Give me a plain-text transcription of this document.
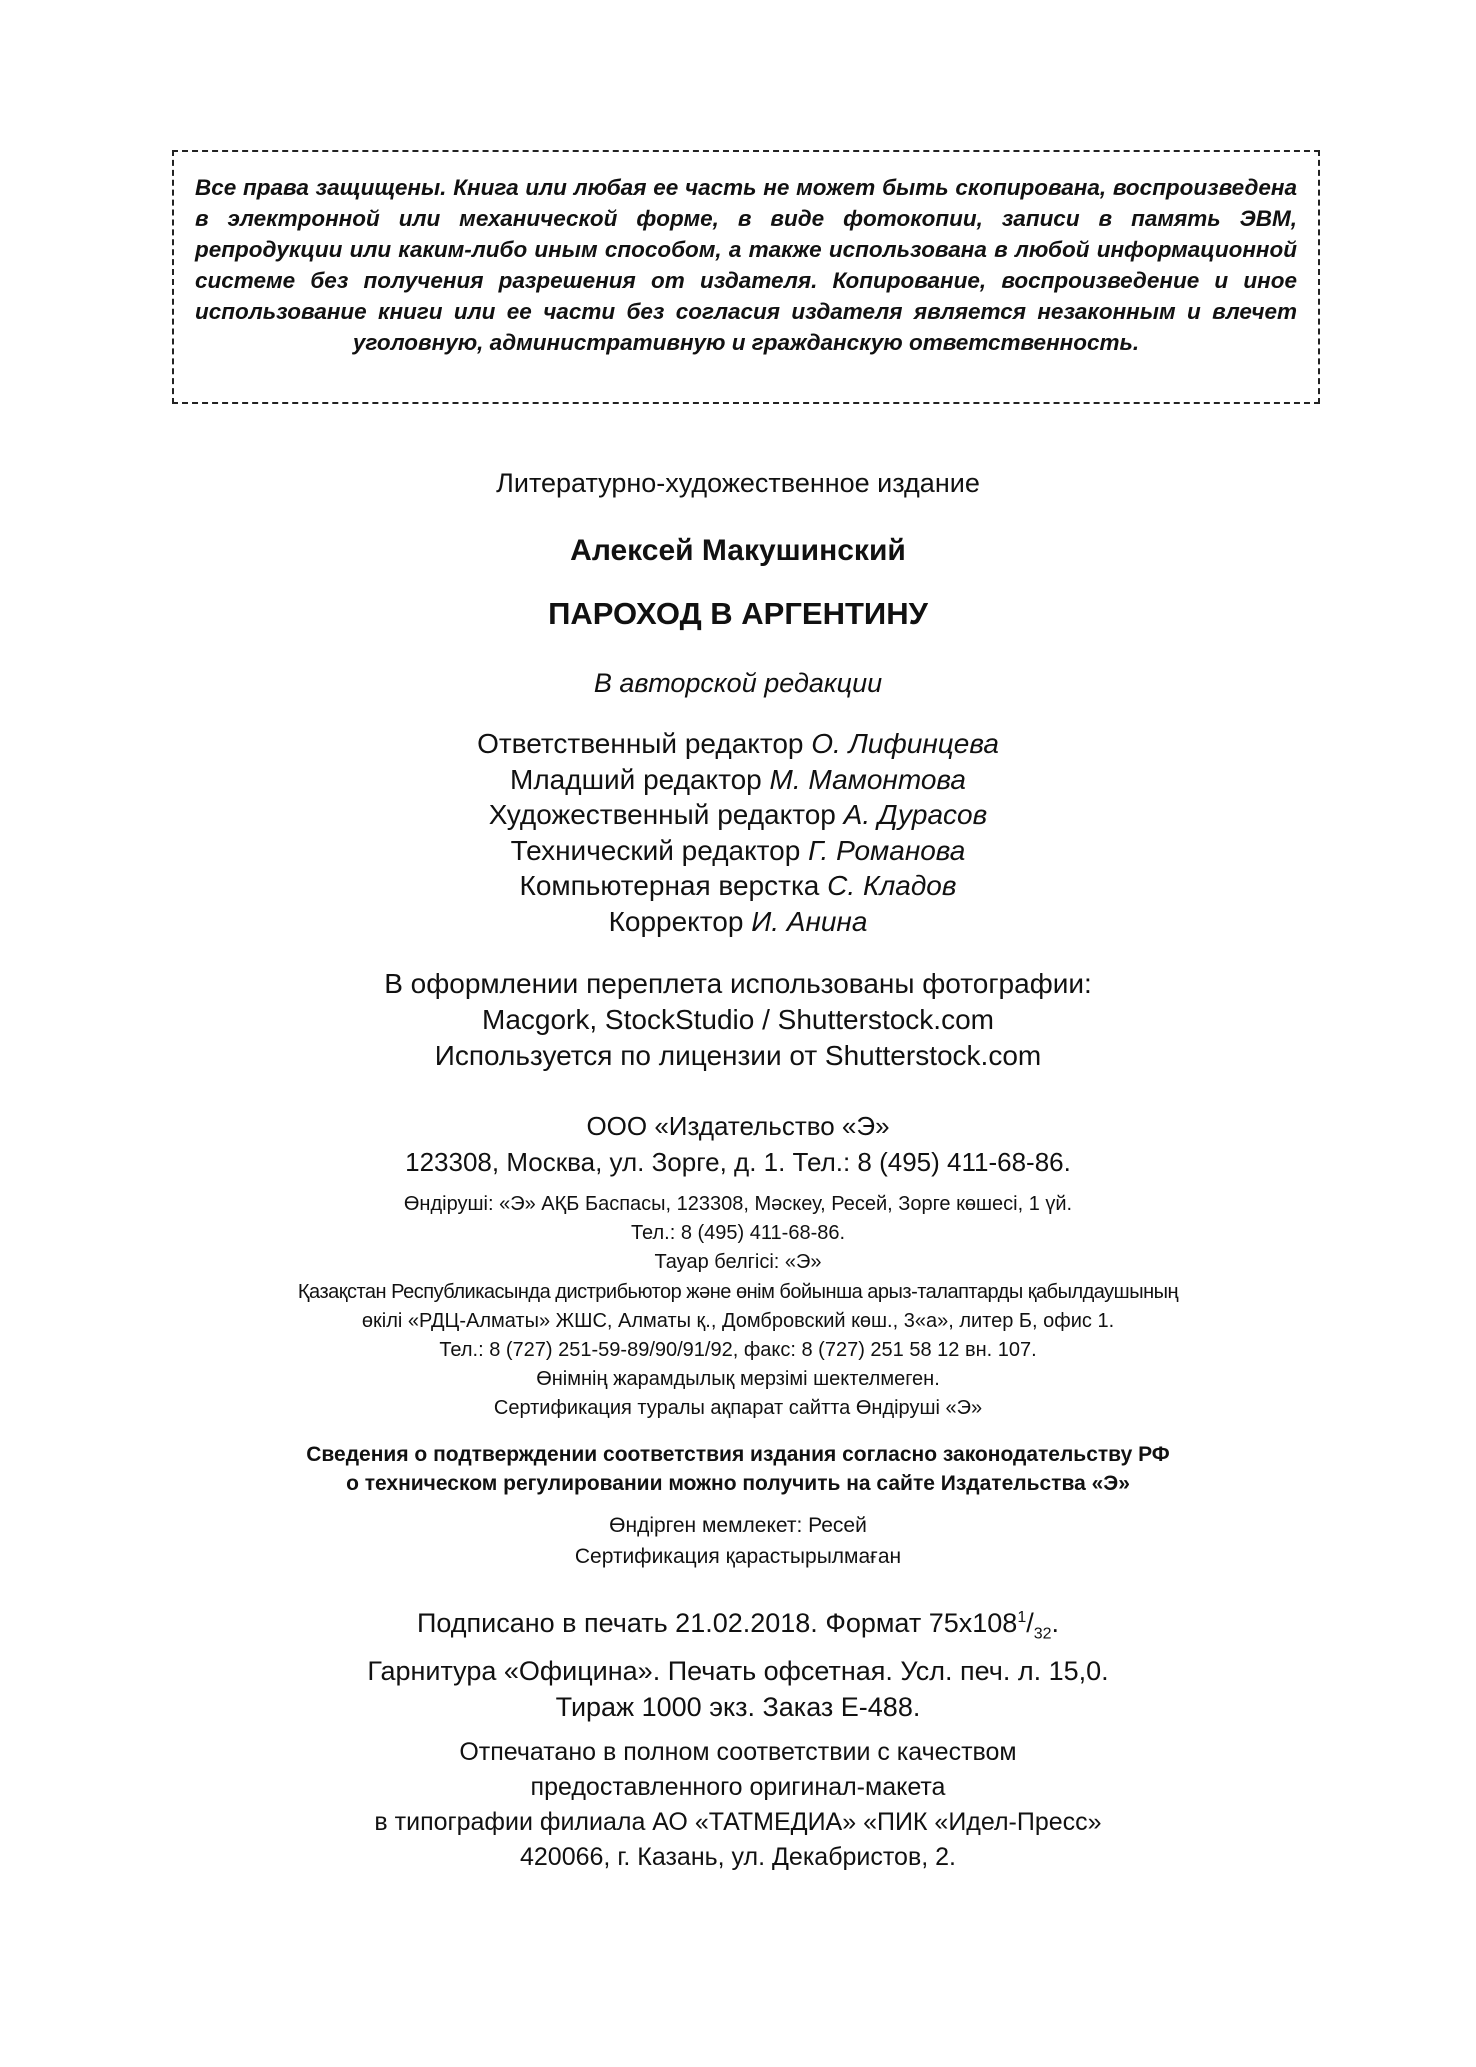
Все права защищены. Книга или любая ее часть не может быть скопирована, воспроизведена в электронной или механической форме, в виде фотокопии, записи в память ЭВМ, репродукции или каким-либо иным способом, а также использована в любой информационной системе без получения разрешения от издателя. Копирование, воспроизведение и иное использование книги или ее части без согласия издателя является незаконным и влечет уголовную, административную и гражданскую ответственность.

Литературно-художественное издание
Алексей Макушинский
ПАРОХОД В АРГЕНТИНУ
В авторской редакции
Ответственный редактор О. Лифинцева
Младший редактор М. Мамонтова
Художественный редактор А. Дурасов
Технический редактор Г. Романова
Компьютерная верстка С. Кладов
Корректор И. Анина
В оформлении переплета использованы фотографии:
Macgork, StockStudio / Shutterstock.com
Используется по лицензии от Shutterstock.com
ООО «Издательство «Э»
123308, Москва, ул. Зорге, д. 1. Тел.: 8 (495) 411-68-86.
Өндіруші: «Э» АҚБ Баспасы, 123308, Мәскеу, Ресей, Зорге көшесі, 1 үй.
Тел.: 8 (495) 411-68-86.
Тауар белгісі: «Э»
Қазақстан Республикасында дистрибьютор және өнім бойынша арыз-талаптарды қабылдаушының
өкілі «РДЦ-Алматы» ЖШС, Алматы қ., Домбровский көш., 3«а», литер Б, офис 1.
Тел.: 8 (727) 251-59-89/90/91/92, факс: 8 (727) 251 58 12 вн. 107.
Өнімнің жарамдылық мерзімі шектелмеген.
Сертификация туралы ақпарат сайтта Өндіруші «Э»
Сведения о подтверждении соответствия издания согласно законодательству РФ
о техническом регулировании можно получить на сайте Издательства «Э»
Өндірген мемлекет: Ресей
Сертификация қарастырылмаған
Подписано в печать 21.02.2018. Формат $75x108^1/_{32}$.
Гарнитура «Официна». Печать офсетная. Усл. печ. л. 15,0.
Тираж 1000 экз. Заказ Е-488.
Отпечатано в полном соответствии с качеством
предоставленного оригинал-макета
в типографии филиала АО «ТАТМЕДИА» «ПИК «Идел-Пресс»
420066, г. Казань, ул. Декабристов, 2.
